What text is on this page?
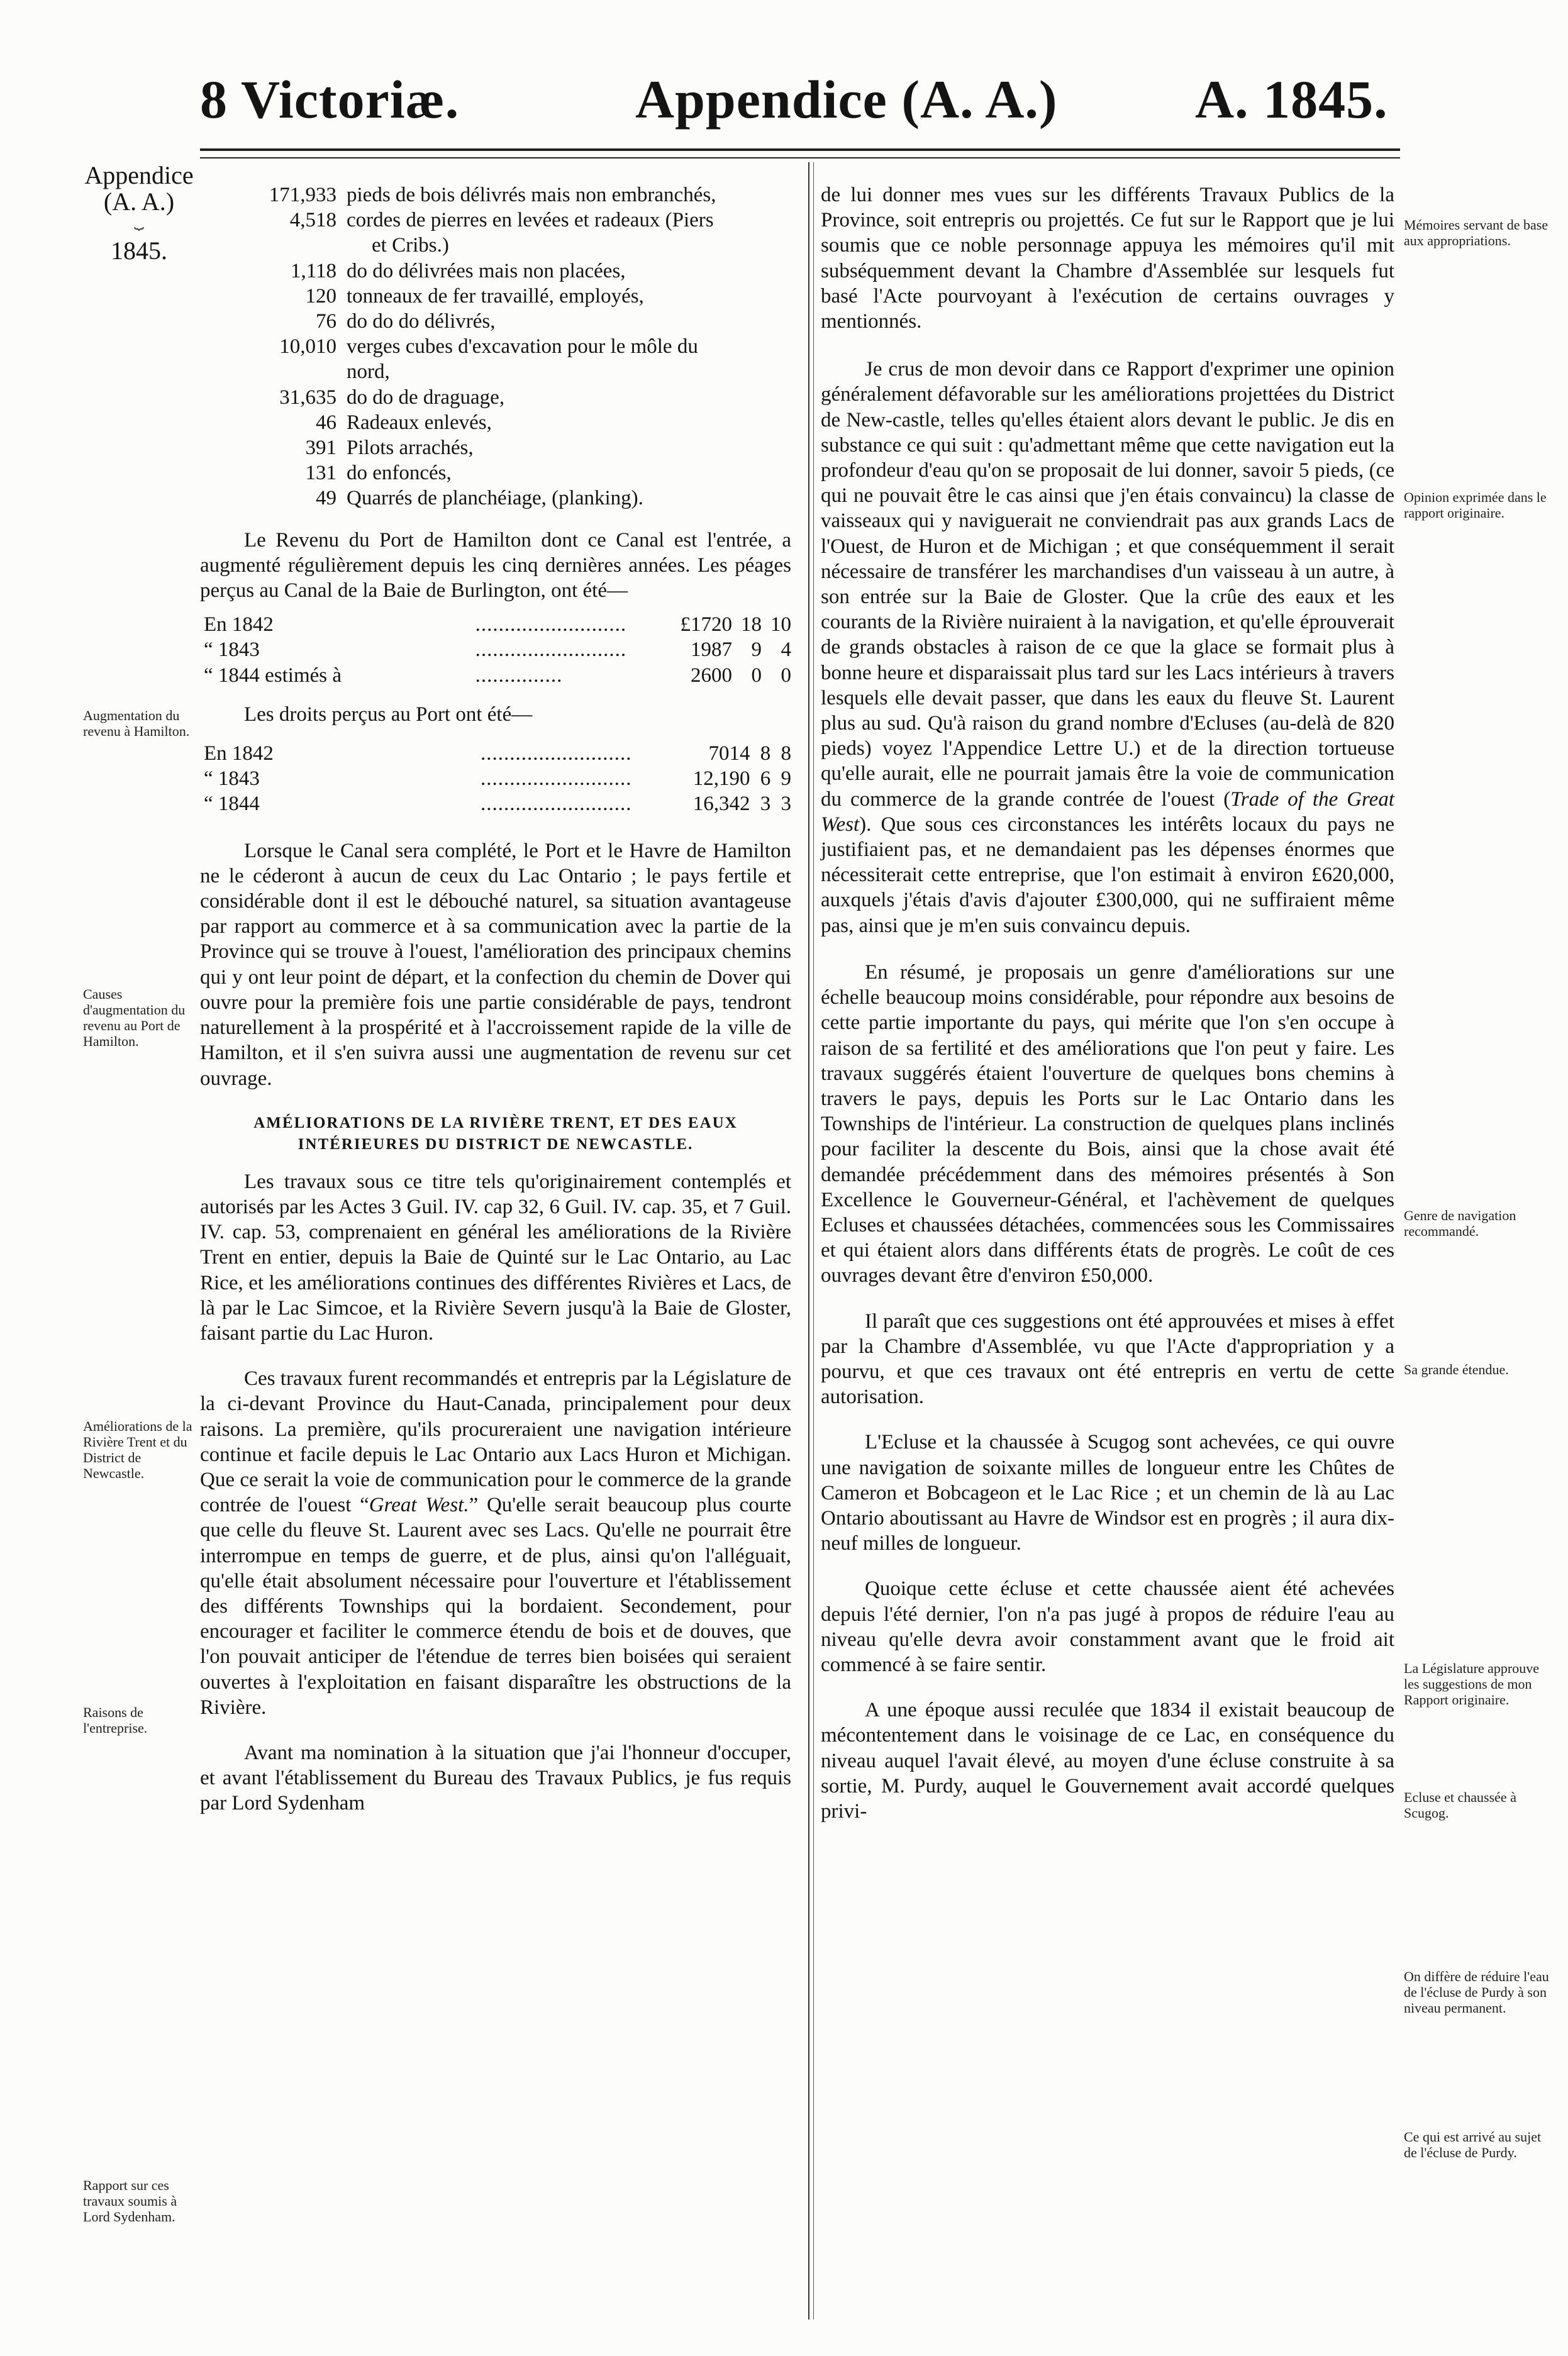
8 Victoriæ.	Appendice (A. A.)	A. 1845.
Appendice
(A. A.)
⏟
1845.
171,933	pieds de bois délivrés mais non embranchés,
4,518	cordes de pierres en levées et radeaux (Piers
	et Cribs.)
1,118	do do délivrées mais non placées,
120	tonneaux de fer travaillé, employés,
76	do do do délivrés,
10,010	verges cubes d'excavation pour le môle du
	nord,
31,635	do do de draguage,
46	Radeaux enlevés,
391	Pilots arrachés,
131	do enfoncés,
49	Quarrés de planchéiage, (planking).

Le Revenu du Port de Hamilton dont ce Canal est l'entrée, a augmenté régulièrement depuis les cinq dernières années. Les péages perçus au Canal de la Baie de Burlington, ont été—

En 1842	..........................	£1720	18	10
“ 1843	..........................	1987	9	4
“ 1844 estimés à	...............	2600	0	0

Les droits perçus au Port ont été—

En 1842	..........................	7014	8	8
“ 1843	..........................	12,190	6	9
“ 1844	..........................	16,342	3	3

Lorsque le Canal sera complété, le Port et le Havre de Hamilton ne le céderont à aucun de ceux du Lac Ontario ; le pays fertile et considérable dont il est le débouché naturel, sa situation avantageuse par rapport au commerce et à sa communication avec la partie de la Province qui se trouve à l'ouest, l'amélioration des principaux chemins qui y ont leur point de départ, et la confection du chemin de Dover qui ouvre pour la première fois une partie considérable de pays, tendront naturellement à la prospérité et à l'accroissement rapide de la ville de Hamilton, et il s'en suivra aussi une augmentation de revenu sur cet ouvrage.

AMÉLIORATIONS DE LA RIVIÈRE TRENT, ET DES EAUX

INTÉRIEURES DU DISTRICT DE NEWCASTLE.

Les travaux sous ce titre tels qu'originairement contemplés et autorisés par les Actes 3 Guil. IV. cap 32, 6 Guil. IV. cap. 35, et 7 Guil. IV. cap. 53, comprenaient en général les améliorations de la Rivière Trent en entier, depuis la Baie de Quinté sur le Lac Ontario, au Lac Rice, et les améliorations continues des différentes Rivières et Lacs, de là par le Lac Simcoe, et la Rivière Severn jusqu'à la Baie de Gloster, faisant partie du Lac Huron.

Ces travaux furent recommandés et entrepris par la Législature de la ci-devant Province du Haut-Canada, principalement pour deux raisons. La première, qu'ils procureraient une navigation intérieure continue et facile depuis le Lac Ontario aux Lacs Huron et Michigan. Que ce serait la voie de communication pour le commerce de la grande contrée de l'ouest “Great West.” Qu'elle serait beaucoup plus courte que celle du fleuve St. Laurent avec ses Lacs. Qu'elle ne pourrait être interrompue en temps de guerre, et de plus, ainsi qu'on l'alléguait, qu'elle était absolument nécessaire pour l'ouverture et l'établissement des différents Townships qui la bordaient. Secondement, pour encourager et faciliter le commerce étendu de bois et de douves, que l'on pouvait anticiper de l'étendue de terres bien boisées qui seraient ouvertes à l'exploitation en faisant disparaître les obstructions de la Rivière.

Avant ma nomination à la situation que j'ai l'honneur d'occuper, et avant l'établissement du Bureau des Travaux Publics, je fus requis par Lord Sydenham

Augmentation du revenu à Hamilton.
Causes d'augmentation du revenu au Port de Hamilton.
Améliorations de la Rivière Trent et du District de Newcastle.
Raisons de l'entreprise.
Rapport sur ces travaux soumis à Lord Sydenham.

de lui donner mes vues sur les différents Travaux Publics de la Province, soit entrepris ou projettés. Ce fut sur le Rapport que je lui soumis que ce noble personnage appuya les mémoires qu'il mit subséquemment devant la Chambre d'Assemblée sur lesquels fut basé l'Acte pourvoyant à l'exécution de certains ouvrages y mentionnés.

Je crus de mon devoir dans ce Rapport d'exprimer une opinion généralement défavorable sur les améliorations projettées du District de New-castle, telles qu'elles étaient alors devant le public. Je dis en substance ce qui suit : qu'admettant même que cette navigation eut la profondeur d'eau qu'on se proposait de lui donner, savoir 5 pieds, (ce qui ne pouvait être le cas ainsi que j'en étais convaincu) la classe de vaisseaux qui y naviguerait ne conviendrait pas aux grands Lacs de l'Ouest, de Huron et de Michigan ; et que conséquemment il serait nécessaire de transférer les marchandises d'un vaisseau à un autre, à son entrée sur la Baie de Gloster. Que la crûe des eaux et les courants de la Rivière nuiraient à la navigation, et qu'elle éprouverait de grands obstacles à raison de ce que la glace se formait plus à bonne heure et disparaissait plus tard sur les Lacs intérieurs à travers lesquels elle devait passer, que dans les eaux du fleuve St. Laurent plus au sud. Qu'à raison du grand nombre d'Ecluses (au-delà de 820 pieds) voyez l'Appendice Lettre U.) et de la direction tortueuse qu'elle aurait, elle ne pourrait jamais être la voie de communication du commerce de la grande contrée de l'ouest (Trade of the Great West). Que sous ces circonstances les intérêts locaux du pays ne justifiaient pas, et ne demandaient pas les dépenses énormes que nécessiterait cette entreprise, que l'on estimait à environ £620,000, auxquels j'étais d'avis d'ajouter £300,000, qui ne suffiraient même pas, ainsi que je m'en suis convaincu depuis.

En résumé, je proposais un genre d'améliorations sur une échelle beaucoup moins considérable, pour répondre aux besoins de cette partie importante du pays, qui mérite que l'on s'en occupe à raison de sa fertilité et des améliorations que l'on peut y faire. Les travaux suggérés étaient l'ouverture de quelques bons chemins à travers le pays, depuis les Ports sur le Lac Ontario dans les Townships de l'intérieur. La construction de quelques plans inclinés pour faciliter la descente du Bois, ainsi que la chose avait été demandée précédemment dans des mémoires présentés à Son Excellence le Gouverneur-Général, et l'achèvement de quelques Ecluses et chaussées détachées, commencées sous les Commissaires et qui étaient alors dans différents états de progrès. Le coût de ces ouvrages devant être d'environ £50,000.

Il paraît que ces suggestions ont été approuvées et mises à effet par la Chambre d'Assemblée, vu que l'Acte d'appropriation y a pourvu, et que ces travaux ont été entrepris en vertu de cette autorisation.

L'Ecluse et la chaussée à Scugog sont achevées, ce qui ouvre une navigation de soixante milles de longueur entre les Chûtes de Cameron et Bobcageon et le Lac Rice ; et un chemin de là au Lac Ontario aboutissant au Havre de Windsor est en progrès ; il aura dix-neuf milles de longueur.

Quoique cette écluse et cette chaussée aient été achevées depuis l'été dernier, l'on n'a pas jugé à propos de réduire l'eau au niveau qu'elle devra avoir constamment avant que le froid ait commencé à se faire sentir.

A une époque aussi reculée que 1834 il existait beaucoup de mécontentement dans le voisinage de ce Lac, en conséquence du niveau auquel l'avait élevé, au moyen d'une écluse construite à sa sortie, M. Purdy, auquel le Gouvernement avait accordé quelques privi-

Mémoires servant de base aux appropriations.
Opinion exprimée dans le rapport originaire.
Genre de navigation recommandé.
Sa grande étendue.
La Législature approuve les suggestions de mon Rapport originaire.
Ecluse et chaussée à Scugog.
On diffère de réduire l'eau de l'écluse de Purdy à son niveau permanent.
Ce qui est arrivé au sujet de l'écluse de Purdy.
